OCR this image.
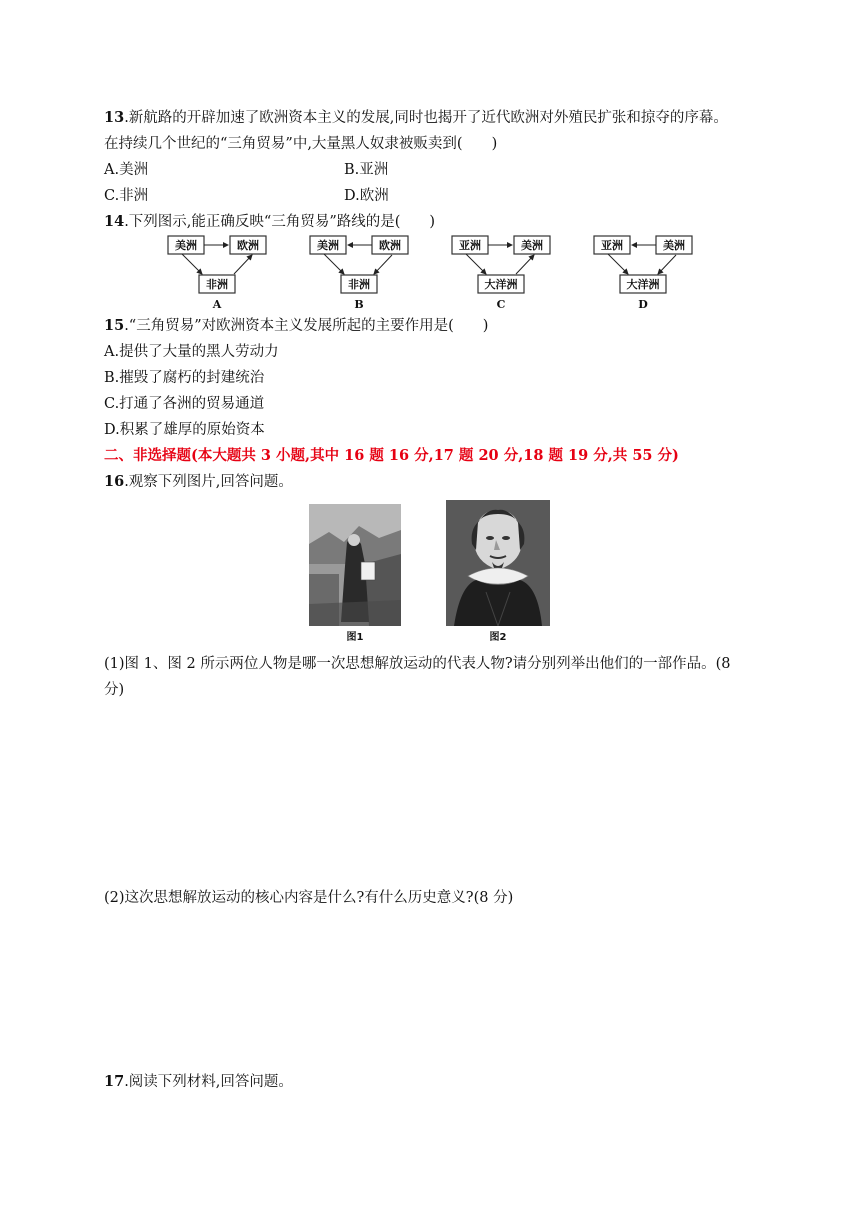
13.新航路的开辟加速了欧洲资本主义的发展,同时也揭开了近代欧洲对外殖民扩张和掠夺的序幕。
在持续几个世纪的“三角贸易”中,大量黑人奴隶被贩卖到(　　)
A.美洲	B.亚洲
C.非洲	D.欧洲
14.下列图示,能正确反映“三角贸易”路线的是(　　)
美洲	欧洲
非洲
A
美洲	欧洲
非洲
B
亚洲	美洲
大洋洲
C
亚洲	美洲
大洋洲
D
15.“三角贸易”对欧洲资本主义发展所起的主要作用是(　　)
A.提供了大量的黑人劳动力
B.摧毁了腐朽的封建统治
C.打通了各洲的贸易通道
D.积累了雄厚的原始资本
二、非选择题(本大题共 3 小题,其中 16 题 16 分,17 题 20 分,18 题 19 分,共 55 分)
16.观察下列图片,回答问题。
图1	图2
(1)图 1、图 2 所示两位人物是哪一次思想解放运动的代表人物?请分别列举出他们的一部作品。(8
分)
(2)这次思想解放运动的核心内容是什么?有什么历史意义?(8 分)
17.阅读下列材料,回答问题。
